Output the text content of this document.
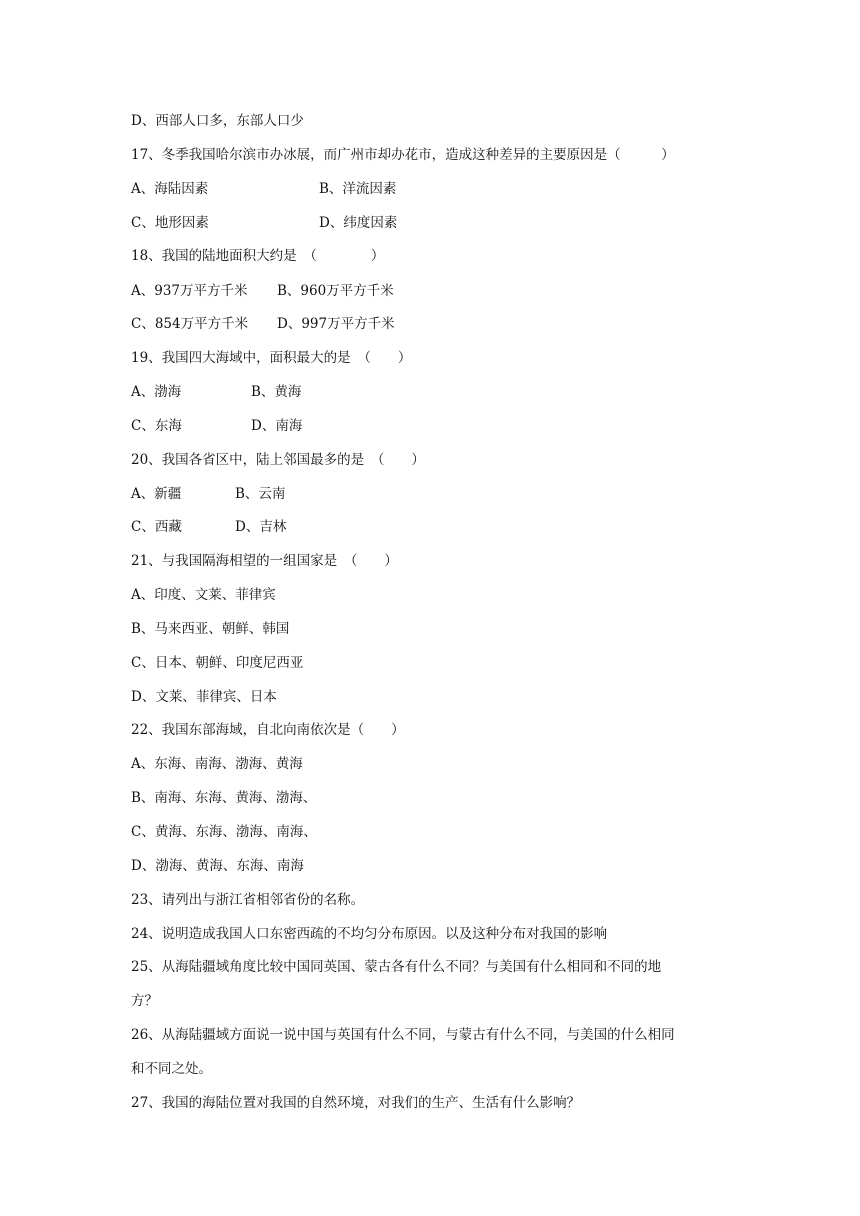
D、西部人口多，东部人口少
17、冬季我国哈尔滨市办冰展，而广州市却办花市，造成这种差异的主要原因是（　　　）
A、海陆因素	B、洋流因素
C、地形因素	D、纬度因素
18、我国的陆地面积大约是　（　　　　）
A、937万平方千米 B、960万平方千米
C、854万平方千米 D、997万平方千米
19、我国四大海域中，面积最大的是　（　　）
A、渤海	B、黄海
C、东海	D、南海
20、我国各省区中，陆上邻国最多的是　（　　）
A、新疆	B、云南
C、西藏	D、吉林
21、与我国隔海相望的一组国家是　（　　）
A、印度、文莱、菲律宾
B、马来西亚、朝鲜、韩国
C、日本、朝鲜、印度尼西亚
D、文莱、菲律宾、日本
22、我国东部海域，自北向南依次是（　　）
A、东海、南海、渤海、黄海
B、南海、东海、黄海、渤海、
C、黄海、东海、渤海、南海、
D、渤海、黄海、东海、南海
23、请列出与浙江省相邻省份的名称。
24、说明造成我国人口东密西疏的不均匀分布原因。以及这种分布对我国的影响
25、从海陆疆域角度比较中国同英国、蒙古各有什么不同？与美国有什么相同和不同的地
方？
26、从海陆疆域方面说一说中国与英国有什么不同，与蒙古有什么不同，与美国的什么相同
和不同之处。
27、我国的海陆位置对我国的自然环境，对我们的生产、生活有什么影响？
